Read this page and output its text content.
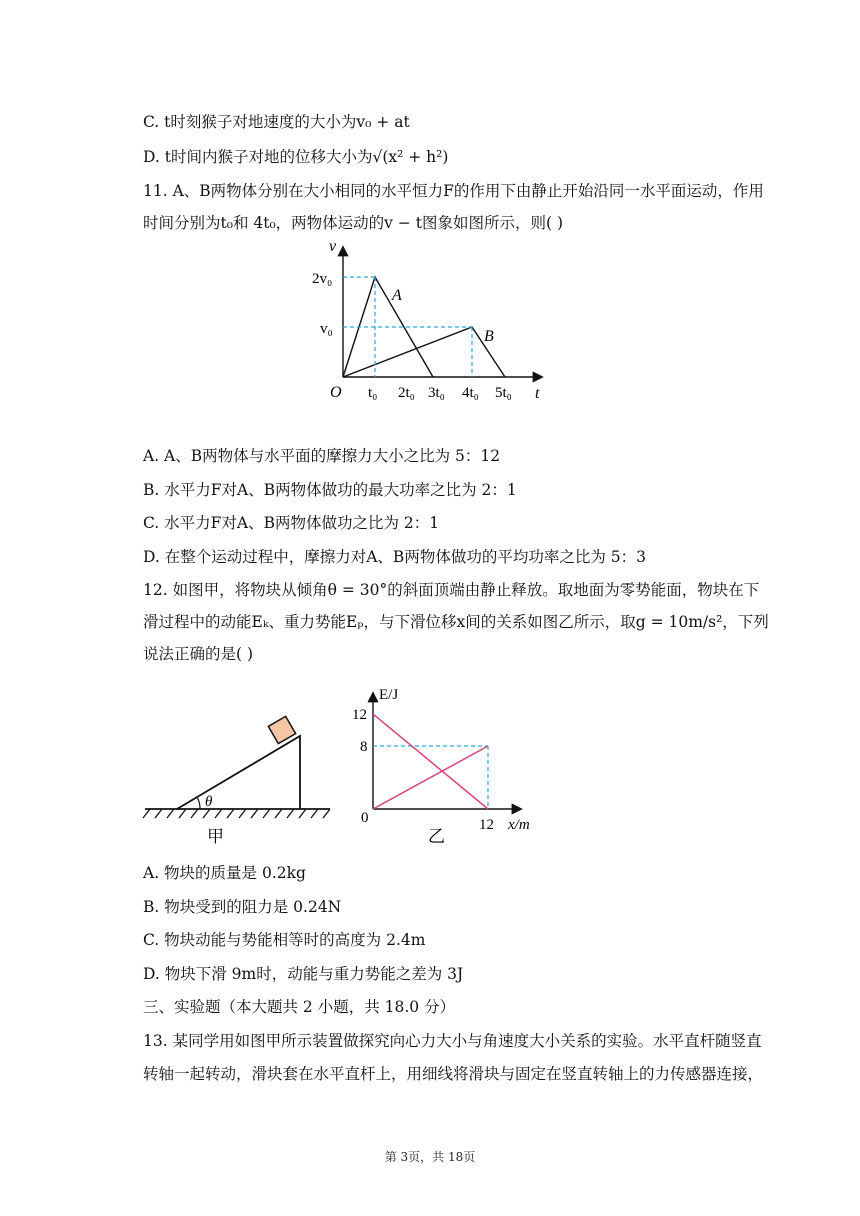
C. t时刻猴子对地速度的大小为v₀ + at
D. t时间内猴子对地的位移大小为√(x² + h²)
11. A、B两物体分别在大小相同的水平恒力F的作用下由静止开始沿同一水平面运动，作用
时间分别为t₀和 4t₀，两物体运动的v − t图象如图所示，则( )
v
t
O
2v₀
v₀
t₀ 2t₀ 3t₀ 4t₀ 5t₀
A
B
A. A、B两物体与水平面的摩擦力大小之比为 5：12
B. 水平力F对A、B两物体做功的最大功率之比为 2：1
C. 水平力F对A、B两物体做功之比为 2：1
D. 在整个运动过程中，摩擦力对A、B两物体做功的平均功率之比为 5：3
12. 如图甲，将物块从倾角θ = 30°的斜面顶端由静止释放。取地面为零势能面，物块在下
滑过程中的动能Eₖ、重力势能Eₚ，与下滑位移x间的关系如图乙所示，取g = 10m/s²，下列
说法正确的是( )
θ
甲
E/J
x/m
0
12
8
12
乙
A. 物块的质量是 0.2kg
B. 物块受到的阻力是 0.24N
C. 物块动能与势能相等时的高度为 2.4m
D. 物块下滑 9m时，动能与重力势能之差为 3J
三、实验题（本大题共 2 小题，共 18.0 分）
13. 某同学用如图甲所示装置做探究向心力大小与角速度大小关系的实验。水平直杆随竖直
转轴一起转动，滑块套在水平直杆上，用细线将滑块与固定在竖直转轴上的力传感器连接，
第 3页，共 18页
